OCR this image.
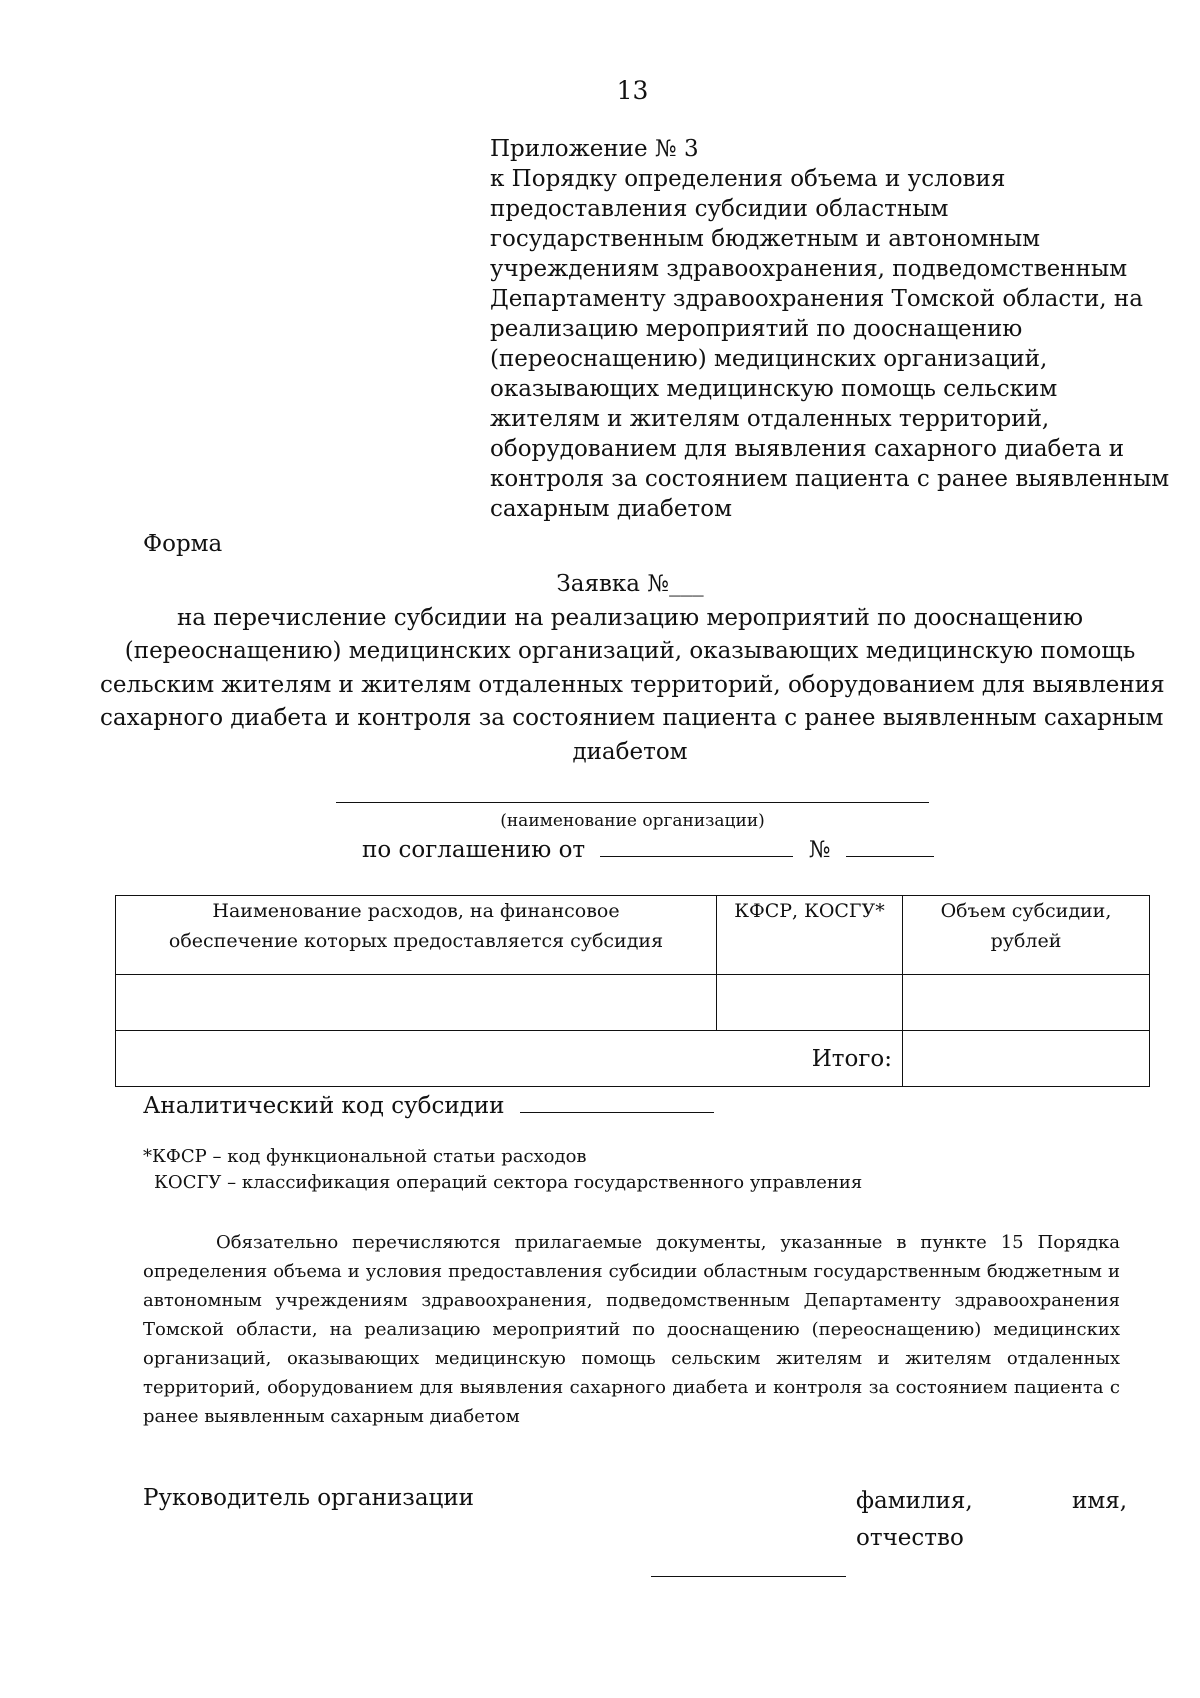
13
Приложение № 3
к Порядку определения объема и условия
предоставления субсидии областным
государственным бюджетным и автономным
учреждениям здравоохранения, подведомственным
Департаменту здравоохранения Томской области, на
реализацию мероприятий по дооснащению
(переоснащению) медицинских организаций,
оказывающих медицинскую помощь сельским
жителям и жителям отдаленных территорий,
оборудованием для выявления сахарного диабета и
контроля за состоянием пациента с ранее выявленным
сахарным диабетом
Форма
Заявка №___
на перечисление субсидии на реализацию мероприятий по дооснащению
(переоснащению) медицинских организаций, оказывающих медицинскую помощь
сельским жителям и жителям отдаленных территорий, оборудованием для выявления
сахарного диабета и контроля за состоянием пациента с ранее выявленным сахарным
диабетом
(наименование организации)
по соглашению от	№
Наименование расходов, на финансовое обеспечение которых предоставляется субсидия	КФСР, КОСГУ*	Объем субсидии, рублей

Итого:		
Аналитический код субсидии
*КФСР – код функциональной статьи расходов
КОСГУ – классификация операций сектора государственного управления
Обязательно перечисляются прилагаемые документы, указанные в пункте 15 Порядка
определения объема и условия предоставления субсидии областным государственным бюджетным и
автономным учреждениям здравоохранения, подведомственным Департаменту здравоохранения
Томской области, на реализацию мероприятий по дооснащению (переоснащению) медицинских
организаций, оказывающих медицинскую помощь сельским жителям и жителям отдаленных
территорий, оборудованием для выявления сахарного диабета и контроля за состоянием пациента с
ранее выявленным сахарным диабетом
Руководитель организации	фамилия,	имя,
отчество
